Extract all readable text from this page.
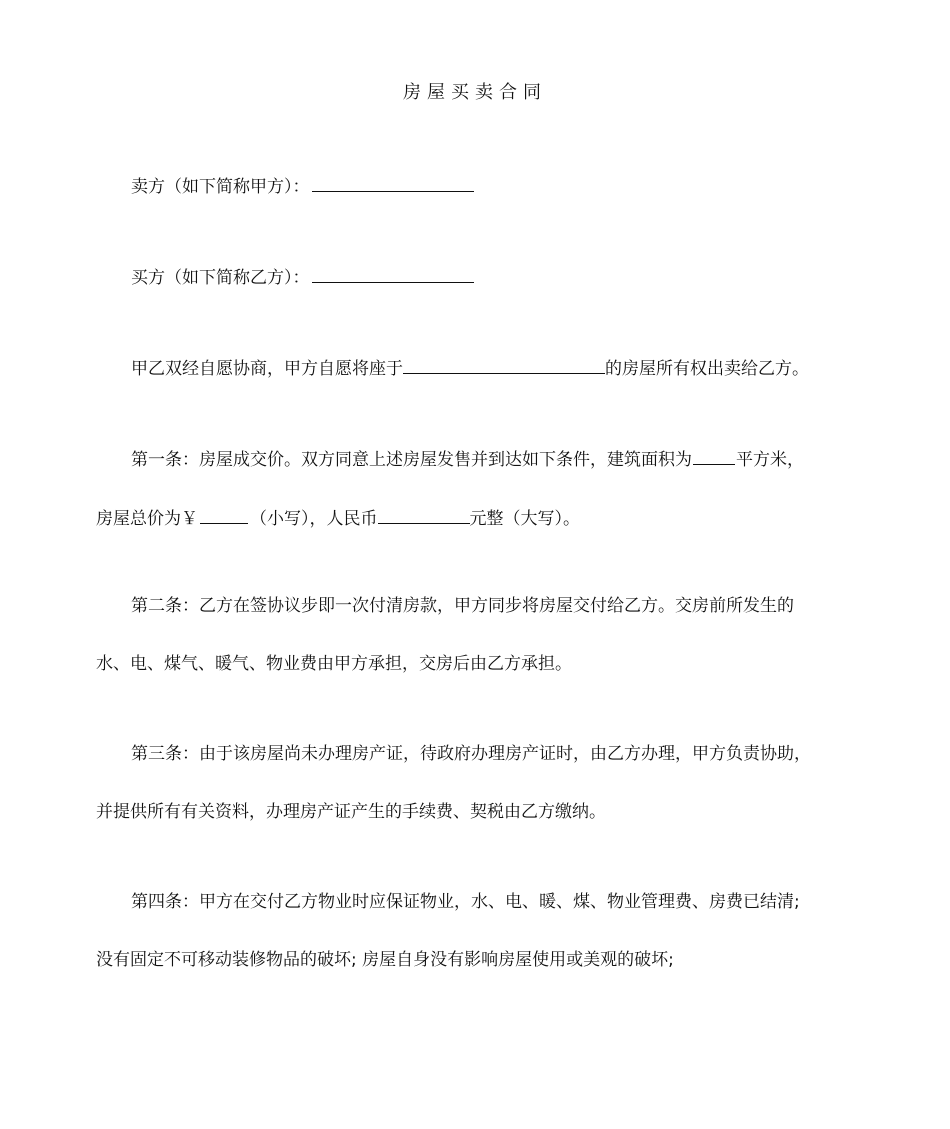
房屋买卖合同
卖方（如下简称甲方）：
买方（如下简称乙方）：
甲乙双经自愿协商，甲方自愿将座于	的房屋所有权出卖给乙方。
第一条：房屋成交价。双方同意上述房屋发售并到达如下条件，建筑面积为	平方米，
房屋总价为￥	（小写），人民币	元整（大写）。
第二条：乙方在签协议步即一次付清房款，甲方同步将房屋交付给乙方。交房前所发生的
水、电、煤气、暖气、物业费由甲方承担，交房后由乙方承担。
第三条：由于该房屋尚未办理房产证，待政府办理房产证时，由乙方办理，甲方负责协助，
并提供所有有关资料，办理房产证产生的手续费、契税由乙方缴纳。
第四条：甲方在交付乙方物业时应保证物业，水、电、暖、煤、物业管理费、房费已结清;
没有固定不可移动装修物品的破坏; 房屋自身没有影响房屋使用或美观的破坏;
